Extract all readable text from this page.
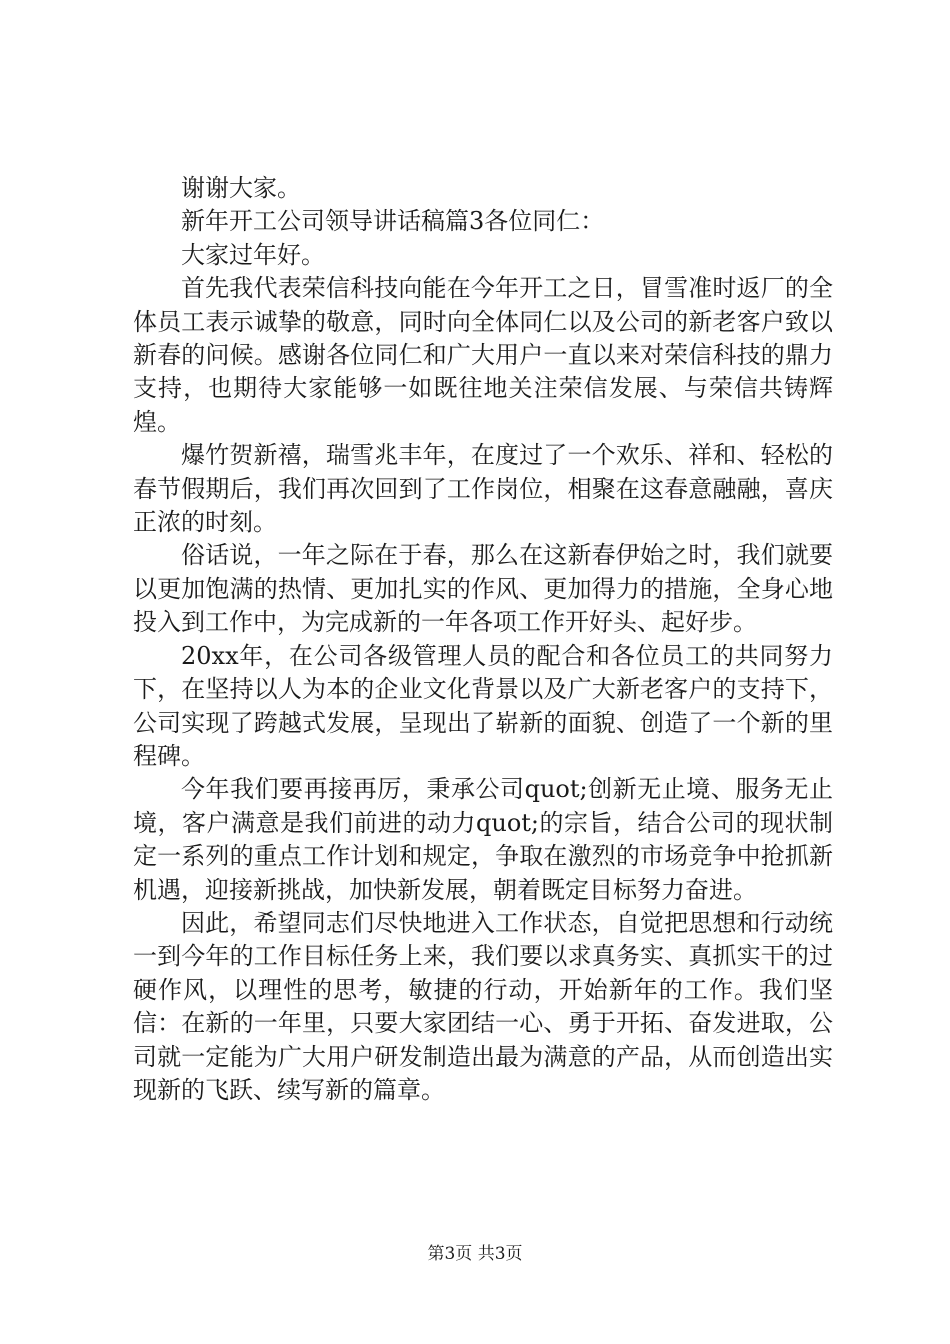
谢谢大家。

新年开工公司领导讲话稿篇3各位同仁：

大家过年好。

首先我代表荣信科技向能在今年开工之日，冒雪准时返厂的全体员工表示诚挚的敬意，同时向全体同仁以及公司的新老客户致以新春的问候。感谢各位同仁和广大用户一直以来对荣信科技的鼎力支持，也期待大家能够一如既往地关注荣信发展、与荣信共铸辉煌。

爆竹贺新禧，瑞雪兆丰年，在度过了一个欢乐、祥和、轻松的春节假期后，我们再次回到了工作岗位，相聚在这春意融融，喜庆正浓的时刻。

俗话说，一年之际在于春，那么在这新春伊始之时，我们就要以更加饱满的热情、更加扎实的作风、更加得力的措施，全身心地投入到工作中，为完成新的一年各项工作开好头、起好步。

20xx年，在公司各级管理人员的配合和各位员工的共同努力下，在坚持以人为本的企业文化背景以及广大新老客户的支持下，公司实现了跨越式发展，呈现出了崭新的面貌、创造了一个新的里程碑。

今年我们要再接再厉，秉承公司quot;创新无止境、服务无止境，客户满意是我们前进的动力quot;的宗旨，结合公司的现状制定一系列的重点工作计划和规定，争取在激烈的市场竞争中抢抓新机遇，迎接新挑战，加快新发展，朝着既定目标努力奋进。

因此，希望同志们尽快地进入工作状态，自觉把思想和行动统一到今年的工作目标任务上来，我们要以求真务实、真抓实干的过硬作风，以理性的思考，敏捷的行动，开始新年的工作。我们坚信：在新的一年里，只要大家团结一心、勇于开拓、奋发进取，公司就一定能为广大用户研发制造出最为满意的产品，从而创造出实现新的飞跃、续写新的篇章。

第3页 共3页
